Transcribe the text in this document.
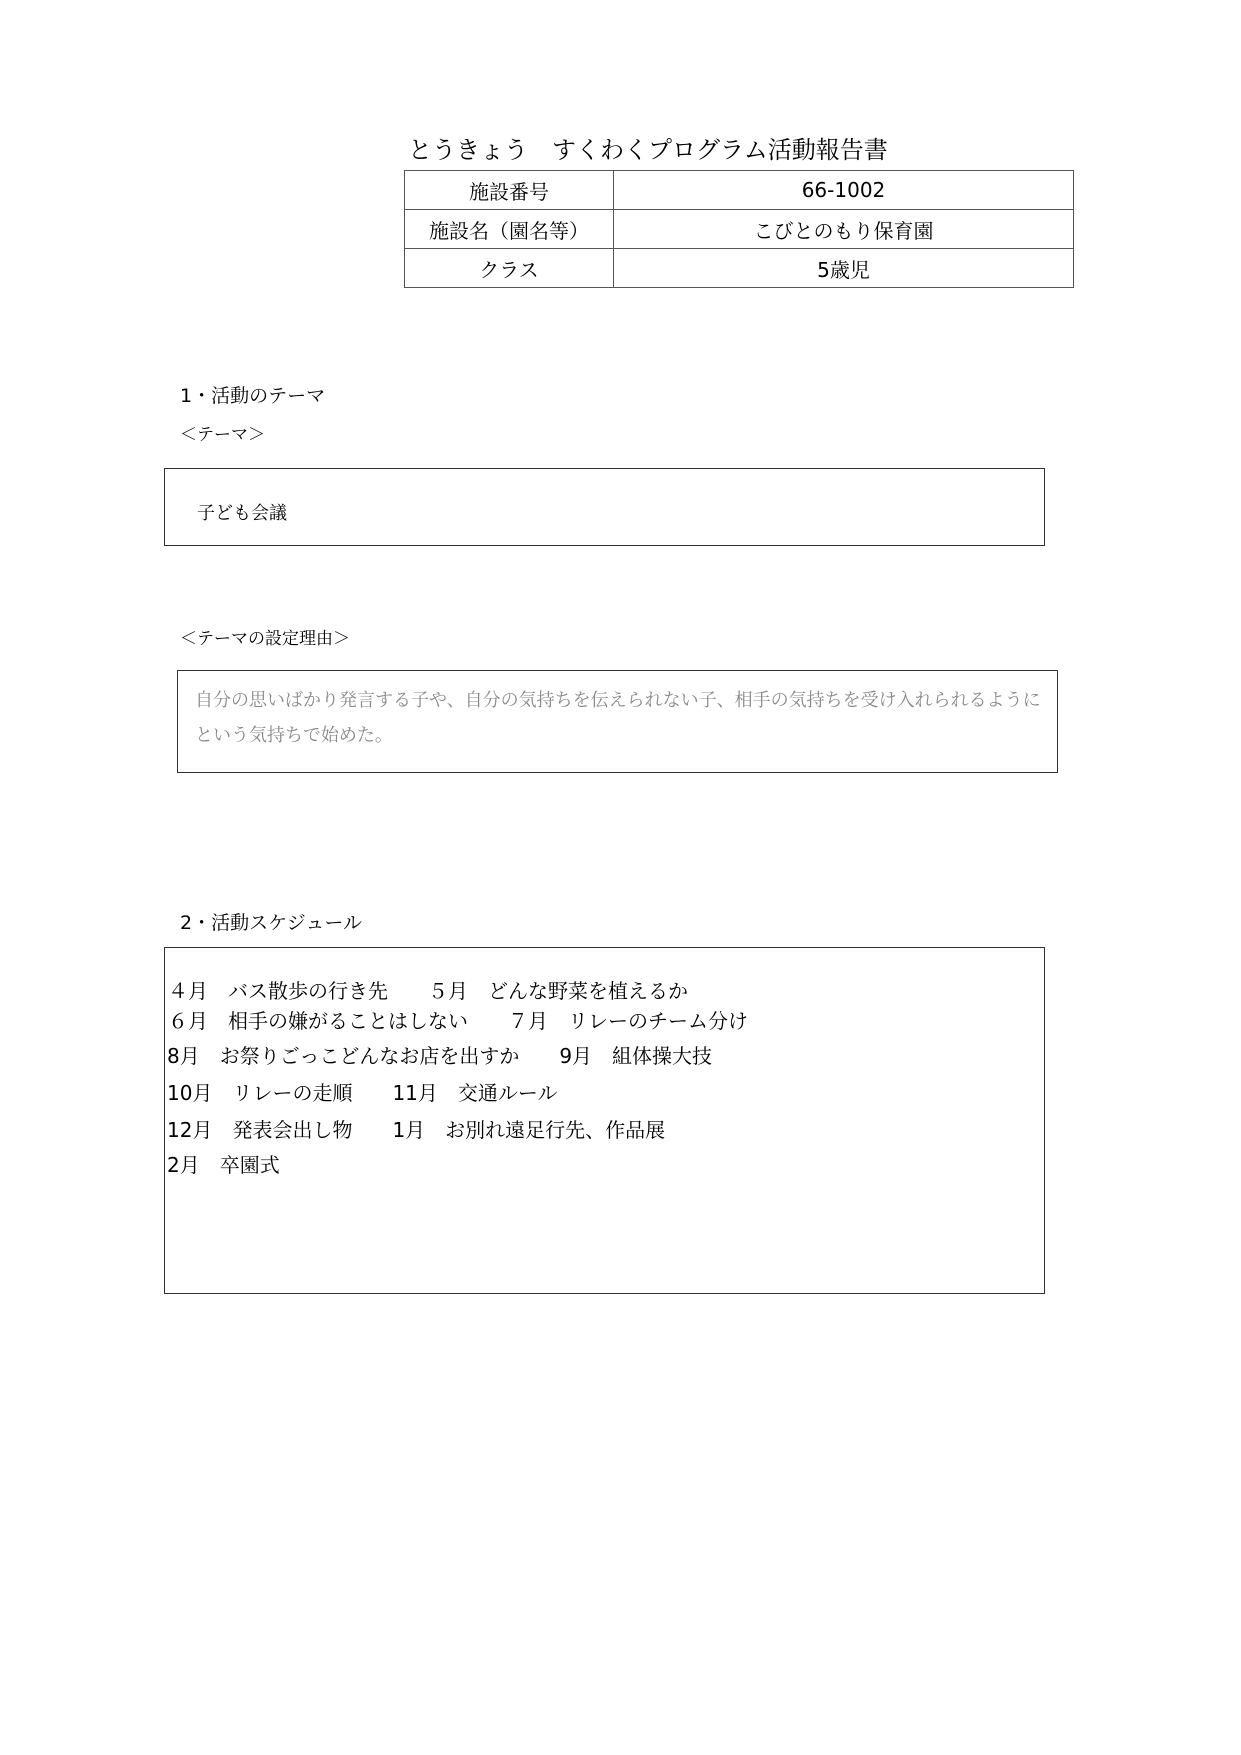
とうきょう　すくわくプログラム活動報告書
施設番号	66-1002
施設名（園名等）	こびとのもり保育園
クラス	5歳児
1・活動のテーマ
＜テーマ＞
子ども会議
＜テーマの設定理由＞
自分の思いばかり発言する子や、自分の気持ちを伝えられない子、相手の気持ちを受け入れられるようにという気持ちで始めた。
2・活動スケジュール
４月　バス散歩の行き先　　５月　どんな野菜を植えるか
６月　相手の嫌がることはしない　　７月　リレーのチーム分け
8月　お祭りごっこどんなお店を出すか　　9月　組体操大技
10月　リレーの走順　　11月　交通ルール
12月　発表会出し物　　1月　お別れ遠足行先、作品展
2月　卒園式
